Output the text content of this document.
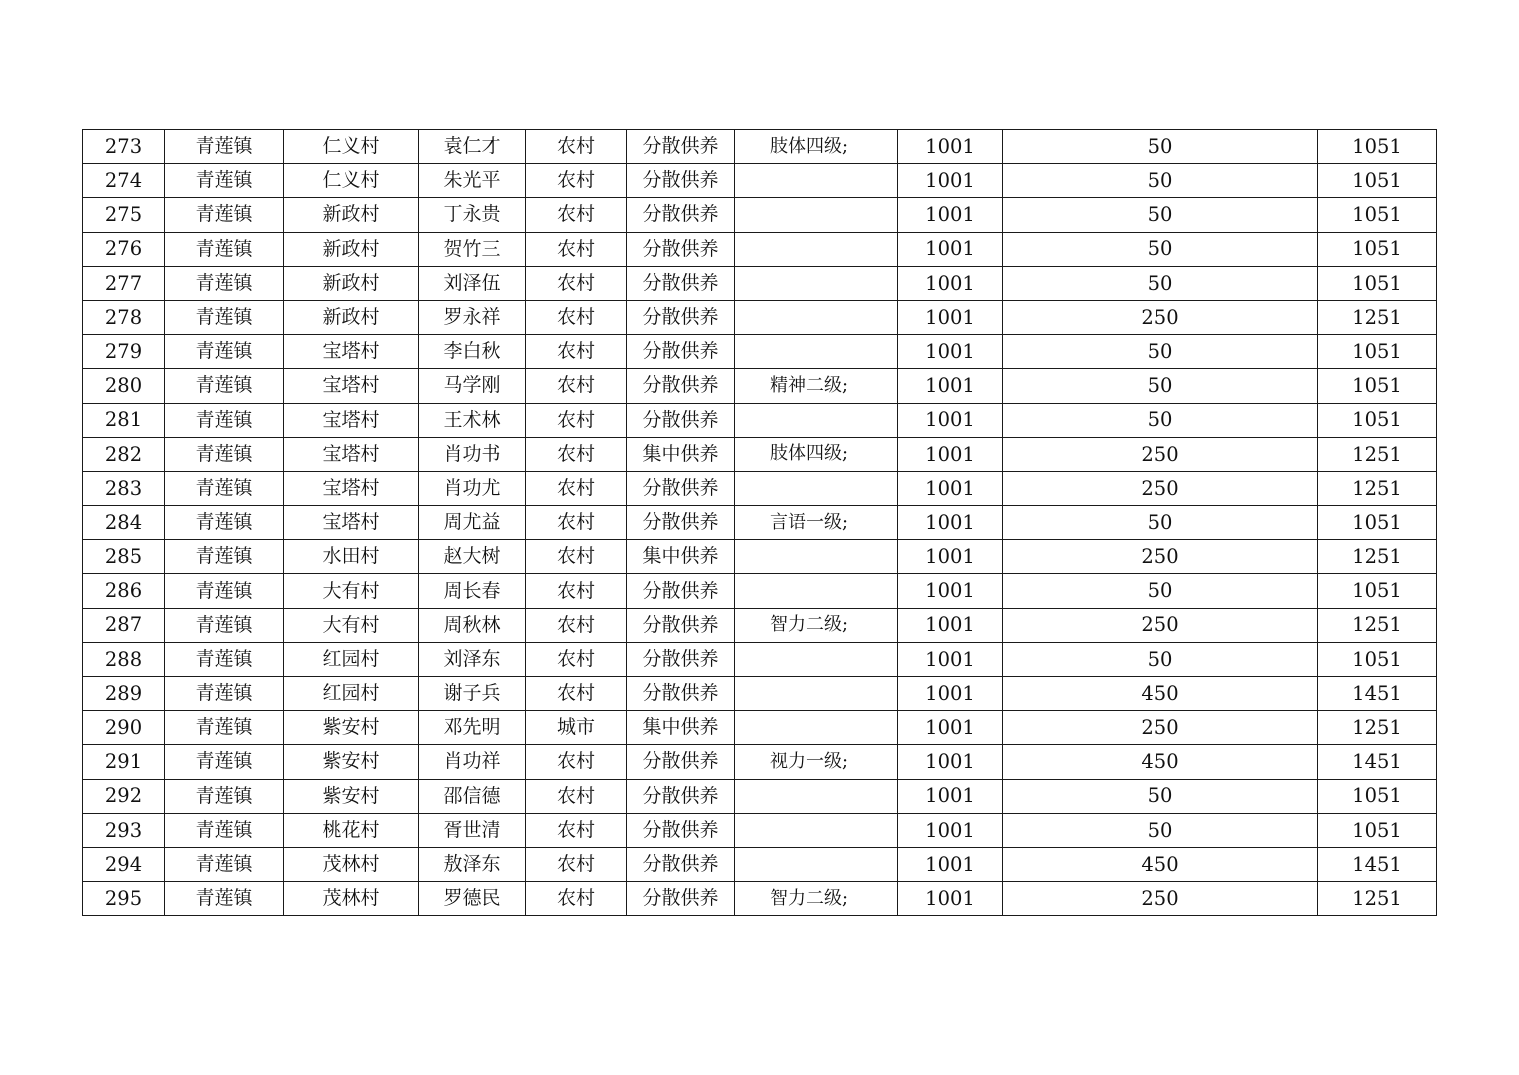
273	青莲镇	仁义村	袁仁才	农村	分散供养	肢体四级;	1001	50	1051
274	青莲镇	仁义村	朱光平	农村	分散供养		1001	50	1051
275	青莲镇	新政村	丁永贵	农村	分散供养		1001	50	1051
276	青莲镇	新政村	贺竹三	农村	分散供养		1001	50	1051
277	青莲镇	新政村	刘泽伍	农村	分散供养		1001	50	1051
278	青莲镇	新政村	罗永祥	农村	分散供养		1001	250	1251
279	青莲镇	宝塔村	李白秋	农村	分散供养		1001	50	1051
280	青莲镇	宝塔村	马学刚	农村	分散供养	精神二级;	1001	50	1051
281	青莲镇	宝塔村	王术林	农村	分散供养		1001	50	1051
282	青莲镇	宝塔村	肖功书	农村	集中供养	肢体四级;	1001	250	1251
283	青莲镇	宝塔村	肖功尤	农村	分散供养		1001	250	1251
284	青莲镇	宝塔村	周尤益	农村	分散供养	言语一级;	1001	50	1051
285	青莲镇	水田村	赵大树	农村	集中供养		1001	250	1251
286	青莲镇	大有村	周长春	农村	分散供养		1001	50	1051
287	青莲镇	大有村	周秋林	农村	分散供养	智力二级;	1001	250	1251
288	青莲镇	红园村	刘泽东	农村	分散供养		1001	50	1051
289	青莲镇	红园村	谢子兵	农村	分散供养		1001	450	1451
290	青莲镇	紫安村	邓先明	城市	集中供养		1001	250	1251
291	青莲镇	紫安村	肖功祥	农村	分散供养	视力一级;	1001	450	1451
292	青莲镇	紫安村	邵信德	农村	分散供养		1001	50	1051
293	青莲镇	桃花村	胥世清	农村	分散供养		1001	50	1051
294	青莲镇	茂林村	敖泽东	农村	分散供养		1001	450	1451
295	青莲镇	茂林村	罗德民	农村	分散供养	智力二级;	1001	250	1251
